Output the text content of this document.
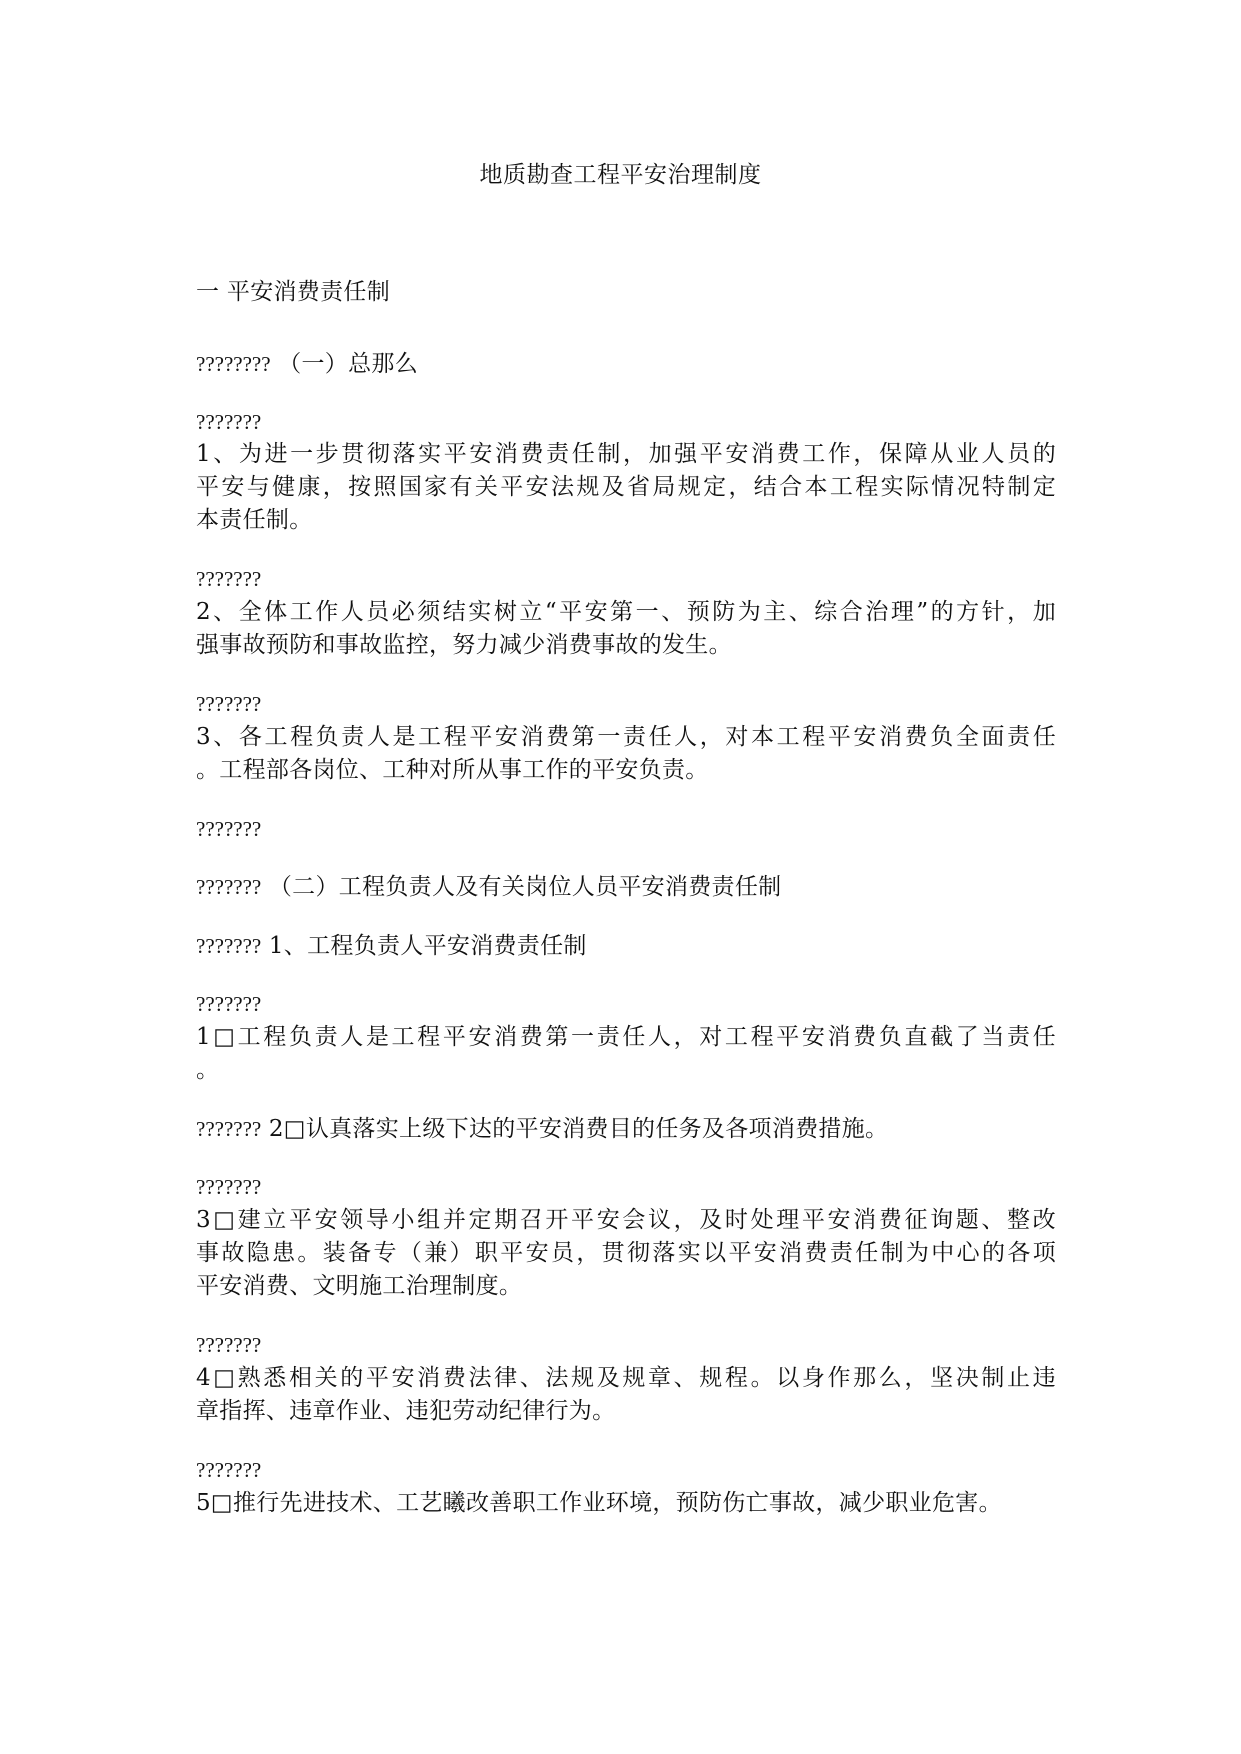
地质勘查工程平安治理制度
一 平安消费责任制
???????? （一）总那么
???????
1、为进一步贯彻落实平安消费责任制，加强平安消费工作，保障从业人员的
平安与健康，按照国家有关平安法规及省局规定，结合本工程实际情况特制定
本责任制。
???????
2、全体工作人员必须结实树立“平安第一、预防为主、综合治理”的方针，加
强事故预防和事故监控，努力减少消费事故的发生。
???????
3、各工程负责人是工程平安消费第一责任人，对本工程平安消费负全面责任
。工程部各岗位、工种对所从事工作的平安负责。
???????
??????? （二）工程负责人及有关岗位人员平安消费责任制
??????? 1、工程负责人平安消费责任制
???????
1□工程负责人是工程平安消费第一责任人，对工程平安消费负直截了当责任
。
??????? 2□认真落实上级下达的平安消费目的任务及各项消费措施。
???????
3□建立平安领导小组并定期召开平安会议，及时处理平安消费征询题、整改
事故隐患。装备专（兼）职平安员，贯彻落实以平安消费责任制为中心的各项
平安消费、文明施工治理制度。
???????
4□熟悉相关的平安消费法律、法规及规章、规程。以身作那么，坚决制止违
章指挥、违章作业、违犯劳动纪律行为。
???????
5□推行先进技术、工艺䂀改善职工作业环境，预防伤亡事故，减少职业危害。
